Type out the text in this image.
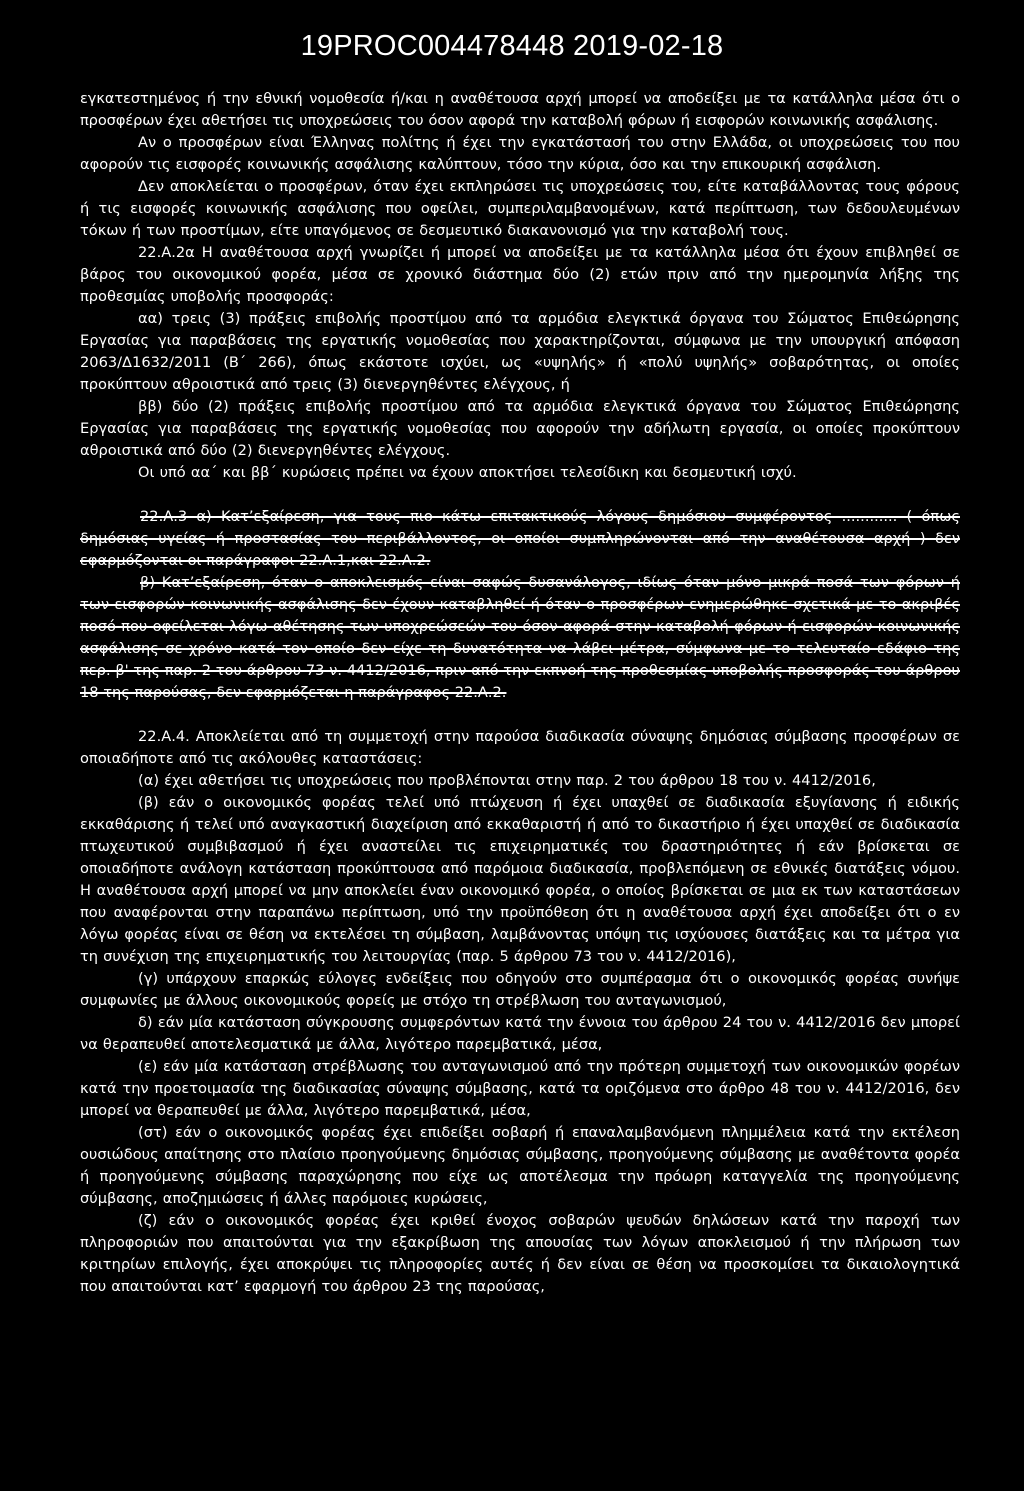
19PROC004478448 2019-02-18

εγκατεστημένος ή την εθνική νομοθεσία ή/και η αναθέτουσα αρχή μπορεί να αποδείξει με τα κατάλληλα μέσα ότι ο προσφέρων έχει αθετήσει τις υποχρεώσεις του όσον αφορά την καταβολή φόρων ή εισφορών κοινωνικής ασφάλισης.

Αν ο προσφέρων είναι Έλληνας πολίτης ή έχει την εγκατάστασή του στην Ελλάδα, οι υποχρεώσεις του που αφορούν τις εισφορές κοινωνικής ασφάλισης καλύπτουν, τόσο την κύρια, όσο και την επικουρική ασφάλιση.

Δεν αποκλείεται ο προσφέρων, όταν έχει εκπληρώσει τις υποχρεώσεις του, είτε καταβάλλοντας τους φόρους ή τις εισφορές κοινωνικής ασφάλισης που οφείλει, συμπεριλαμβανομένων, κατά περίπτωση, των δεδουλευμένων τόκων ή των προστίμων, είτε υπαγόμενος σε δεσμευτικό διακανονισμό για την καταβολή τους.

22.Α.2α Η αναθέτουσα αρχή γνωρίζει ή μπορεί να αποδείξει με τα κατάλληλα μέσα ότι έχουν επιβληθεί σε βάρος του οικονομικού φορέα, μέσα σε χρονικό διάστημα δύο (2) ετών πριν από την ημερομηνία λήξης της προθεσμίας υποβολής προσφοράς:

αα) τρεις (3) πράξεις επιβολής προστίμου από τα αρμόδια ελεγκτικά όργανα του Σώματος Επιθεώρησης Εργασίας για παραβάσεις της εργατικής νομοθεσίας που χαρακτηρίζονται, σύμφωνα με την υπουργική απόφαση 2063/Δ1632/2011 (Β΄ 266), όπως εκάστοτε ισχύει, ως «υψηλής» ή «πολύ υψηλής» σοβαρότητας, οι οποίες προκύπτουν αθροιστικά από τρεις (3) διενεργηθέντες ελέγχους, ή

ββ) δύο (2) πράξεις επιβολής προστίμου από τα αρμόδια ελεγκτικά όργανα του Σώματος Επιθεώρησης Εργασίας για παραβάσεις της εργατικής νομοθεσίας που αφορούν την αδήλωτη εργασία, οι οποίες προκύπτουν αθροιστικά από δύο (2) διενεργηθέντες ελέγχους.

Οι υπό αα΄ και ββ΄ κυρώσεις πρέπει να έχουν αποκτήσει τελεσίδικη και δεσμευτική ισχύ.

22.Α.3 α) Κατ’εξαίρεση, για τους πιο κάτω επιτακτικούς λόγους δημόσιου συμφέροντος ............ ( όπως δημόσιας υγείας ή προστασίας του περιβάλλοντος, οι οποίοι συμπληρώνονται από την αναθέτουσα αρχή ) δεν εφαρμόζονται οι παράγραφοι 22.Α.1,και 22.Α.2.

β) Κατ’εξαίρεση, όταν ο αποκλεισμός είναι σαφώς δυσανάλογος, ιδίως όταν μόνο μικρά ποσά των φόρων ή των εισφορών κοινωνικής ασφάλισης δεν έχουν καταβληθεί ή όταν ο προσφέρων ενημερώθηκε σχετικά με το ακριβές ποσό που οφείλεται λόγω αθέτησης των υποχρεώσεών του όσον αφορά στην καταβολή φόρων ή εισφορών κοινωνικής ασφάλισης σε χρόνο κατά τον οποίο δεν είχε τη δυνατότητα να λάβει μέτρα, σύμφωνα με το τελευταίο εδάφιο της περ. β' της παρ. 2 του άρθρου 73 ν. 4412/2016, πριν από την εκπνοή της προθεσμίας υποβολής προσφοράς του άρθρου 18 της παρούσας, δεν εφαρμόζεται η παράγραφος 22.Α.2.

22.Α.4. Αποκλείεται από τη συμμετοχή στην παρούσα διαδικασία σύναψης δημόσιας σύμβασης προσφέρων σε οποιαδήποτε από τις ακόλουθες καταστάσεις:

(α) έχει αθετήσει τις υποχρεώσεις που προβλέπονται στην παρ. 2 του άρθρου 18 του ν. 4412/2016,

(β) εάν ο οικονομικός φορέας τελεί υπό πτώχευση ή έχει υπαχθεί σε διαδικασία εξυγίανσης ή ειδικής εκκαθάρισης ή τελεί υπό αναγκαστική διαχείριση από εκκαθαριστή ή από το δικαστήριο ή έχει υπαχθεί σε διαδικασία πτωχευτικού συμβιβασμού ή έχει αναστείλει τις επιχειρηματικές του δραστηριότητες ή εάν βρίσκεται σε οποιαδήποτε ανάλογη κατάσταση προκύπτουσα από παρόμοια διαδικασία, προβλεπόμενη σε εθνικές διατάξεις νόμου. Η αναθέτουσα αρχή μπορεί να μην αποκλείει έναν οικονομικό φορέα, ο οποίος βρίσκεται σε μια εκ των καταστάσεων που αναφέρονται στην παραπάνω περίπτωση, υπό την προϋπόθεση ότι η αναθέτουσα αρχή έχει αποδείξει ότι ο εν λόγω φορέας είναι σε θέση να εκτελέσει τη σύμβαση, λαμβάνοντας υπόψη τις ισχύουσες διατάξεις και τα μέτρα για τη συνέχιση της επιχειρηματικής του λειτουργίας (παρ. 5 άρθρου 73 του ν. 4412/2016),

(γ) υπάρχουν επαρκώς εύλογες ενδείξεις που οδηγούν στο συμπέρασμα ότι ο οικονομικός φορέας συνήψε συμφωνίες με άλλους οικονομικούς φορείς με στόχο τη στρέβλωση του ανταγωνισμού,

δ) εάν μία κατάσταση σύγκρουσης συμφερόντων κατά την έννοια του άρθρου 24 του ν. 4412/2016 δεν μπορεί να θεραπευθεί αποτελεσματικά με άλλα, λιγότερο παρεμβατικά, μέσα,

(ε) εάν μία κατάσταση στρέβλωσης του ανταγωνισμού από την πρότερη συμμετοχή των οικονομικών φορέων κατά την προετοιμασία της διαδικασίας σύναψης σύμβασης, κατά τα οριζόμενα στο άρθρο 48 του ν. 4412/2016, δεν μπορεί να θεραπευθεί με άλλα, λιγότερο παρεμβατικά, μέσα,

(στ) εάν ο οικονομικός φορέας έχει επιδείξει σοβαρή ή επαναλαμβανόμενη πλημμέλεια κατά την εκτέλεση ουσιώδους απαίτησης στο πλαίσιο προηγούμενης δημόσιας σύμβασης, προηγούμενης σύμβασης με αναθέτοντα φορέα ή προηγούμενης σύμβασης παραχώρησης που είχε ως αποτέλεσμα την πρόωρη καταγγελία της προηγούμενης σύμβασης, αποζημιώσεις ή άλλες παρόμοιες κυρώσεις,

(ζ) εάν ο οικονομικός φορέας έχει κριθεί ένοχος σοβαρών ψευδών δηλώσεων κατά την παροχή των πληροφοριών που απαιτούνται για την εξακρίβωση της απουσίας των λόγων αποκλεισμού ή την πλήρωση των κριτηρίων επιλογής, έχει αποκρύψει τις πληροφορίες αυτές ή δεν είναι σε θέση να προσκομίσει τα δικαιολογητικά που απαιτούνται κατ’ εφαρμογή του άρθρου 23 της παρούσας,
